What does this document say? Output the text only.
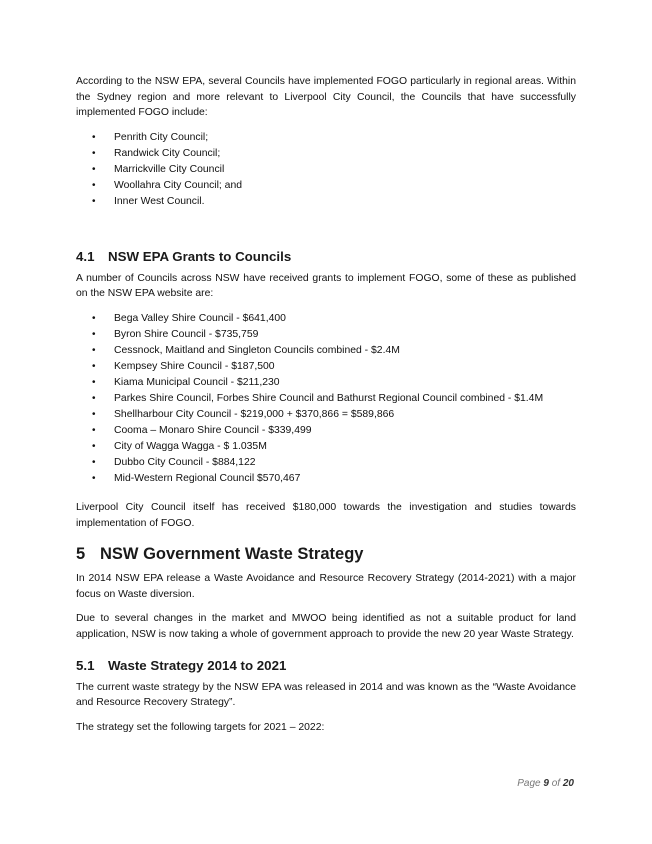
According to the NSW EPA, several Councils have implemented FOGO particularly in regional areas. Within the Sydney region and more relevant to Liverpool City Council, the Councils that have successfully implemented FOGO include:

• Penrith City Council;
• Randwick City Council;
• Marrickville City Council
• Woollahra City Council; and
• Inner West Council.
4.1 NSW EPA Grants to Councils

A number of Councils across NSW have received grants to implement FOGO, some of these as published on the NSW EPA website are:

• Bega Valley Shire Council - $641,400
• Byron Shire Council - $735,759
• Cessnock, Maitland and Singleton Councils combined - $2.4M
• Kempsey Shire Council - $187,500
• Kiama Municipal Council - $211,230
• Parkes Shire Council, Forbes Shire Council and Bathurst Regional Council combined - $1.4M
• Shellharbour City Council - $219,000 + $370,866 = $589,866
• Cooma – Monaro Shire Council - $339,499
• City of Wagga Wagga - $ 1.035M
• Dubbo City Council - $884,122
• Mid-Western Regional Council $570,467

Liverpool City Council itself has received $180,000 towards the investigation and studies towards implementation of FOGO.

5 NSW Government Waste Strategy

In 2014 NSW EPA release a Waste Avoidance and Resource Recovery Strategy (2014-2021) with a major focus on Waste diversion.

Due to several changes in the market and MWOO being identified as not a suitable product for land application, NSW is now taking a whole of government approach to provide the new 20 year Waste Strategy.

5.1 Waste Strategy 2014 to 2021

The current waste strategy by the NSW EPA was released in 2014 and was known as the “Waste Avoidance and Resource Recovery Strategy”.

The strategy set the following targets for 2021 – 2022:

Page 9 of 20
